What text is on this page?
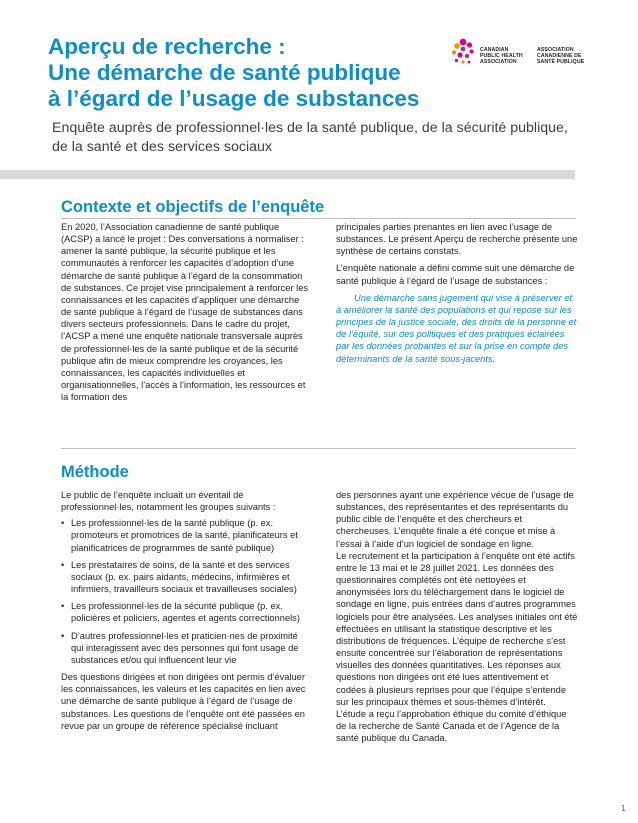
Aperçu de recherche :
Une démarche de santé publique
à l’égard de l’usage de substances
CANADIAN
PUBLIC HEALTH
ASSOCIATION
ASSOCIATION
CANADIENNE DE
SANTÉ PUBLIQUE

Enquête auprès de professionnel·les de la santé publique, de la sécurité publique, de la santé et des services sociaux

Contexte et objectifs de l’enquête

En 2020, l’Association canadienne de santé publique (ACSP) a lancé le projet : Des conversations à normaliser : amener la santé publique, la sécurité publique et les communautés à renforcer les capacités d’adoption d’une démarche de santé publique à l’égard de la consommation de substances. Ce projet vise principalement à renforcer les connaissances et les capacités d’appliquer une démarche de santé publique à l’égard de l’usage de substances dans divers secteurs professionnels. Dans le cadre du projet, l’ACSP a mené une enquête nationale transversale auprès de professionnel·les de la santé publique et de la sécurité publique afin de mieux comprendre les croyances, les connaissances, les capacités individuelles et organisationnelles, l’accès à l’information, les ressources et la formation des

principales parties prenantes en lien avec l’usage de substances. Le présent Aperçu de recherche présente une synthèse de certains constats.

L’enquête nationale a défini comme suit une démarche de santé publique à l’égard de l’usage de substances :

Une démarche sans jugement qui vise à préserver et à améliorer la santé des populations et qui repose sur les principes de la justice sociale, des droits de la personne et de l’équité, sur des politiques et des pratiques éclairées par les données probantes et sur la prise en compte des déterminants de la santé sous-jacents.

Méthode

Le public de l’enquête incluait un éventail de professionnel·les, notamment les groupes suivants :

• Les professionnel·les de la santé publique (p. ex. promoteurs et promotrices de la santé, planificateurs et planificatrices de programmes de santé publique)
• Les prestataires de soins, de la santé et des services sociaux (p. ex. pairs aidants, médecins, infirmières et infirmiers, travailleurs sociaux et travailleuses sociales)
• Les professionnel·les de la sécurité publique (p. ex. policières et policiers, agentes et agents correctionnels)
• D’autres professionnel·les et praticien·nes de proximité qui interagissent avec des personnes qui font usage de substances et/ou qui influencent leur vie

Des questions dirigées et non dirigées ont permis d’évaluer les connaissances, les valeurs et les capacités en lien avec une démarche de santé publique à l’égard de l’usage de substances. Les questions de l’enquête ont été passées en revue par un groupe de référence spécialisé incluant

des personnes ayant une expérience vécue de l’usage de substances, des représentantes et des représentants du public cible de l’enquête et des chercheurs et chercheuses. L’enquête finale a été conçue et mise à l’essai à l’aide d’un logiciel de sondage en ligne.

Le recrutement et la participation à l’enquête ont été actifs entre le 13 mai et le 28 juillet 2021. Les données des questionnaires complétés ont été nettoyées et anonymisées lors du téléchargement dans le logiciel de sondage en ligne, puis entrées dans d’autres programmes logiciels pour être analysées. Les analyses initiales ont été effectuées en utilisant la statistique descriptive et les distributions de fréquences. L’équipe de recherche s’est ensuite concentrée sur l’élaboration de représentations visuelles des données quantitatives. Les réponses aux questions non dirigées ont été lues attentivement et codées à plusieurs reprises pour que l’équipe s’entende sur les principaux thèmes et sous-thèmes d’intérêt.

L’étude a reçu l’approbation éthique du comité d’éthique de la recherche de Santé Canada et de l’Agence de la santé publique du Canada.

1
